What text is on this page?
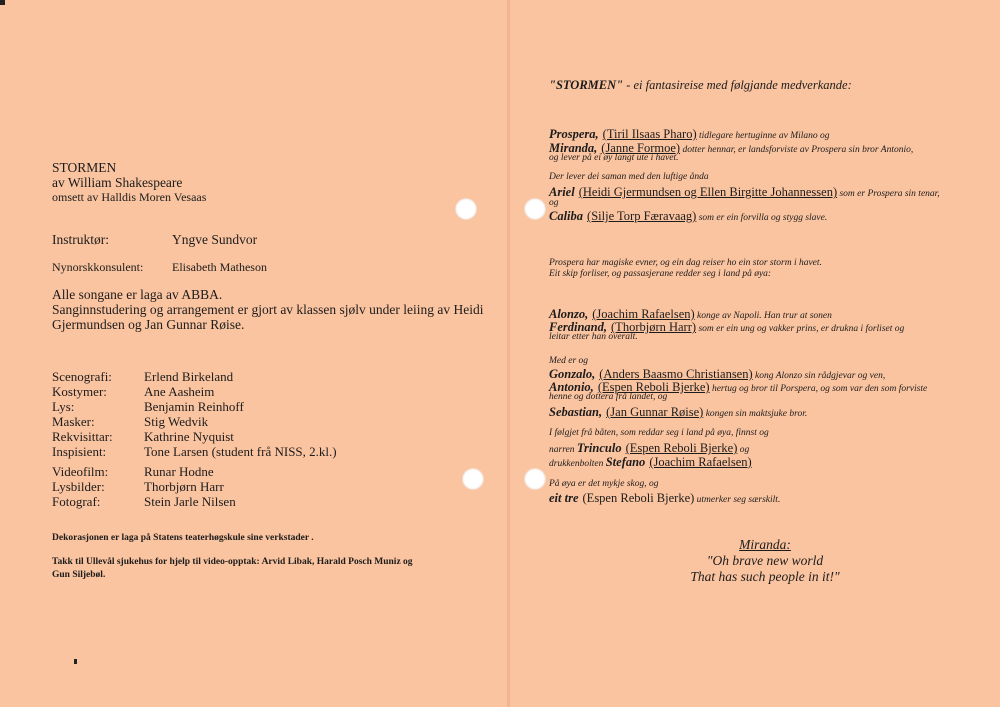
STORMEN
av William Shakespeare
omsett av Halldis Moren Vesaas
Instruktør:	Yngve Sundvor
Nynorskkonsulent: Elisabeth Matheson
Alle songane er laga av ABBA.
Sanginnstudering og arrangement er gjort av klassen sjølv under leiing av Heidi
Gjermundsen og Jan Gunnar Røise.
Scenografi:	Erlend Birkeland
Kostymer:	Ane Aasheim
Lys:	Benjamin Reinhoff
Masker:	Stig Wedvik
Rekvisittar:	Kathrine Nyquist
Inspisient:	Tone Larsen (student frå NISS, 2.kl.)
Videofilm:	Runar Hodne
Lysbilder:	Thorbjørn Harr
Fotograf:	Stein Jarle Nilsen
Dekorasjonen er laga på Statens teaterhøgskule sine verkstader .
Takk til Ullevål sjukehus for hjelp til video-opptak: Arvid Libak, Harald Posch Muniz og
Gun Siljebøl.
"STORMEN" - ei fantasireise med følgjande medverkande:
Prospera, (Tiril Ilsaas Pharo) tidlegare hertuginne av Milano og
Miranda, (Janne Formoe) dotter hennar, er landsforviste av Prospera sin bror Antonio,
og lever på ei øy langt ute i havet.
Der lever dei saman med den luftige ånda
Ariel (Heidi Gjermundsen og Ellen Birgitte Johannessen) som er Prospera sin tenar,
og
Caliba (Silje Torp Færavaag) som er ein forvilla og stygg slave.
Prospera har magiske evner, og ein dag reiser ho ein stor storm i havet.
Eit skip forliser, og passasjerane redder seg i land på øya:
Alonzo, (Joachim Rafaelsen) konge av Napoli. Han trur at sonen
Ferdinand, (Thorbjørn Harr) som er ein ung og vakker prins, er drukna i forliset og
leitar etter han overalt.
Med er og
Gonzalo, (Anders Baasmo Christiansen) kong Alonzo sin rådgjevar og ven,
Antonio, (Espen Reboli Bjerke) hertug og bror til Porspera, og som var den som forviste
henne og dottera frå landet, og
Sebastian, (Jan Gunnar Røise) kongen sin maktsjuke bror.
I følgjet frå båten, som reddar seg i land på øya, finnst og
narren Trinculo (Espen Reboli Bjerke) og
drukkenbolten Stefano (Joachim Rafaelsen)
På øya er det mykje skog, og
eit tre (Espen Reboli Bjerke) utmerker seg særskilt.
Miranda:
"Oh brave new world
That has such people in it!"
